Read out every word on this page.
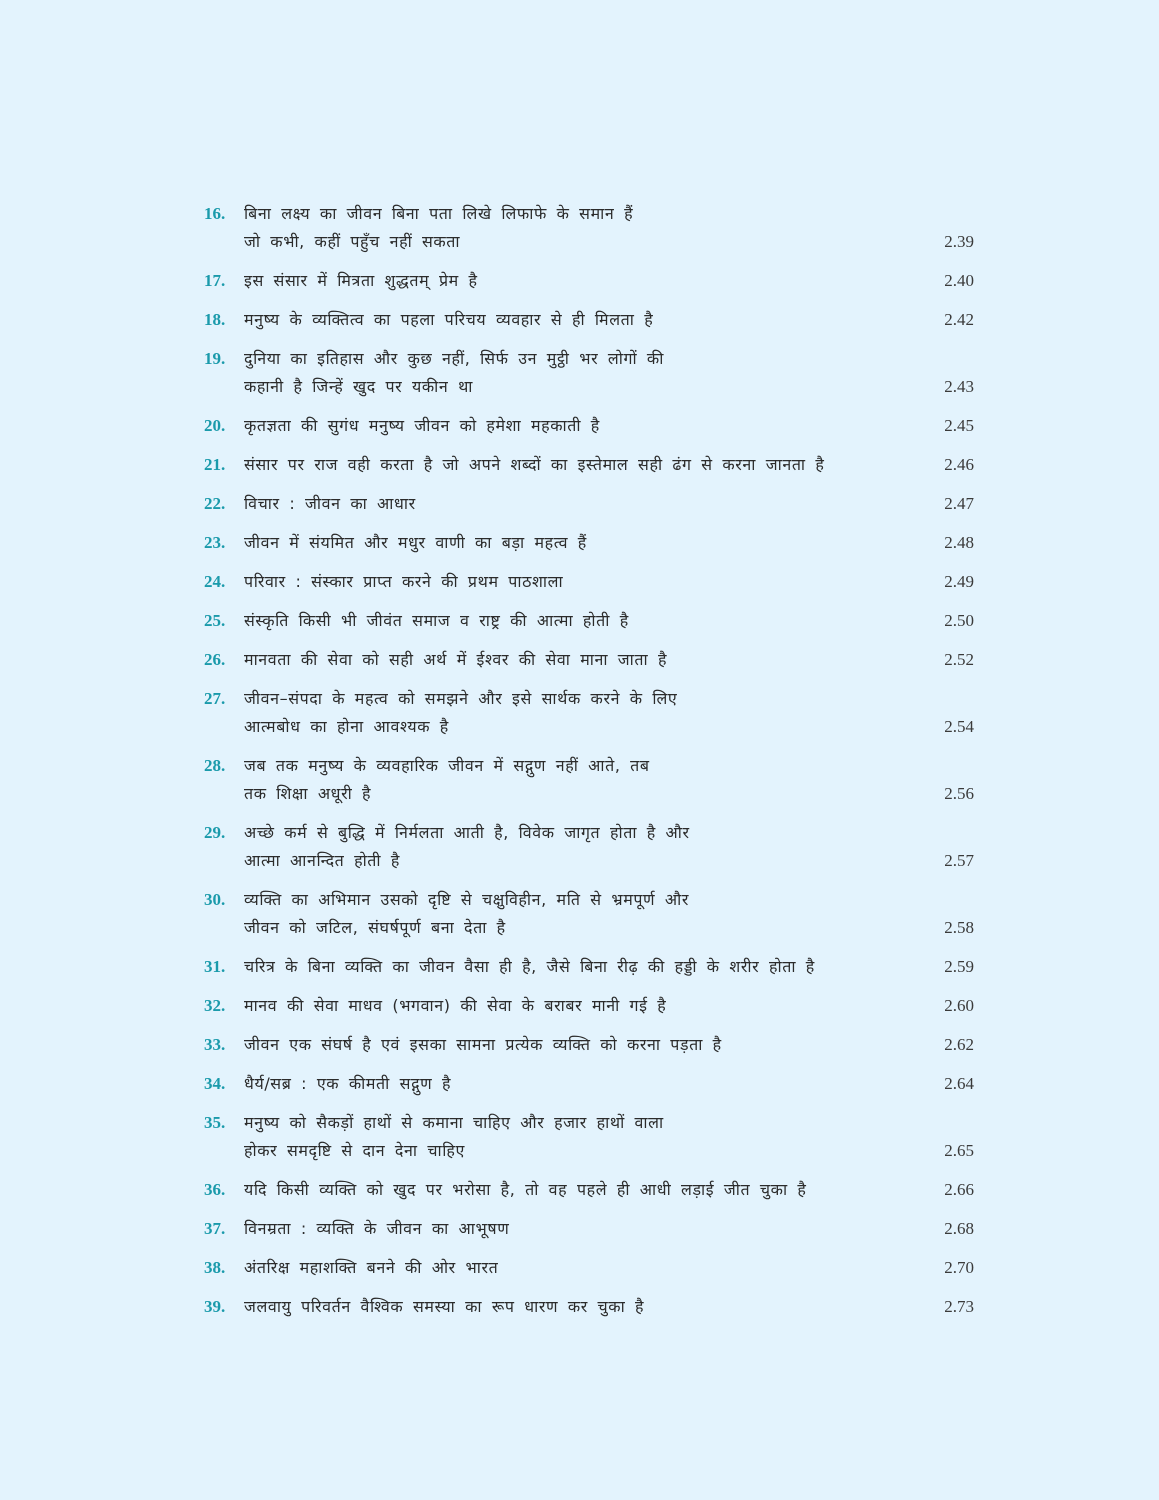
16. बिना लक्ष्य का जीवन बिना पता लिखे लिफाफे के समान हैं
जो कभी, कहीं पहुँच नहीं सकता	2.39
17. इस संसार में मित्रता शुद्धतम् प्रेम है	2.40
18. मनुष्य के व्यक्तित्व का पहला परिचय व्यवहार से ही मिलता है	2.42
19. दुनिया का इतिहास और कुछ नहीं, सिर्फ उन मुट्ठी भर लोगों की
कहानी है जिन्हें खुद पर यकीन था	2.43
20. कृतज्ञता की सुगंध मनुष्य जीवन को हमेशा महकाती है	2.45
21. संसार पर राज वही करता है जो अपने शब्दों का इस्तेमाल सही ढंग से करना जानता है	2.46
22. विचार : जीवन का आधार	2.47
23. जीवन में संयमित और मधुर वाणी का बड़ा महत्व हैं	2.48
24. परिवार : संस्कार प्राप्त करने की प्रथम पाठशाला	2.49
25. संस्कृति किसी भी जीवंत समाज व राष्ट्र की आत्मा होती है	2.50
26. मानवता की सेवा को सही अर्थ में ईश्वर की सेवा माना जाता है	2.52
27. जीवन–संपदा के महत्व को समझने और इसे सार्थक करने के लिए
आत्मबोध का होना आवश्यक है	2.54
28. जब तक मनुष्य के व्यवहारिक जीवन में सद्गुण नहीं आते, तब
तक शिक्षा अधूरी है	2.56
29. अच्छे कर्म से बुद्धि में निर्मलता आती है, विवेक जागृत होता है और
आत्मा आनन्दित होती है	2.57
30. व्यक्ति का अभिमान उसको दृष्टि से चक्षुविहीन, मति से भ्रमपूर्ण और
जीवन को जटिल, संघर्षपूर्ण बना देता है	2.58
31. चरित्र के बिना व्यक्ति का जीवन वैसा ही है, जैसे बिना रीढ़ की हड्डी के शरीर होता है	2.59
32. मानव की सेवा माधव (भगवान) की सेवा के बराबर मानी गई है	2.60
33. जीवन एक संघर्ष है एवं इसका सामना प्रत्येक व्यक्ति को करना पड़ता है	2.62
34. धैर्य/सब्र : एक कीमती सद्गुण है	2.64
35. मनुष्य को सैकड़ों हाथों से कमाना चाहिए और हजार हाथों वाला
होकर समदृष्टि से दान देना चाहिए	2.65
36. यदि किसी व्यक्ति को खुद पर भरोसा है, तो वह पहले ही आधी लड़ाई जीत चुका है	2.66
37. विनम्रता : व्यक्ति के जीवन का आभूषण	2.68
38. अंतरिक्ष महाशक्ति बनने की ओर भारत	2.70
39. जलवायु परिवर्तन वैश्विक समस्या का रूप धारण कर चुका है	2.73
